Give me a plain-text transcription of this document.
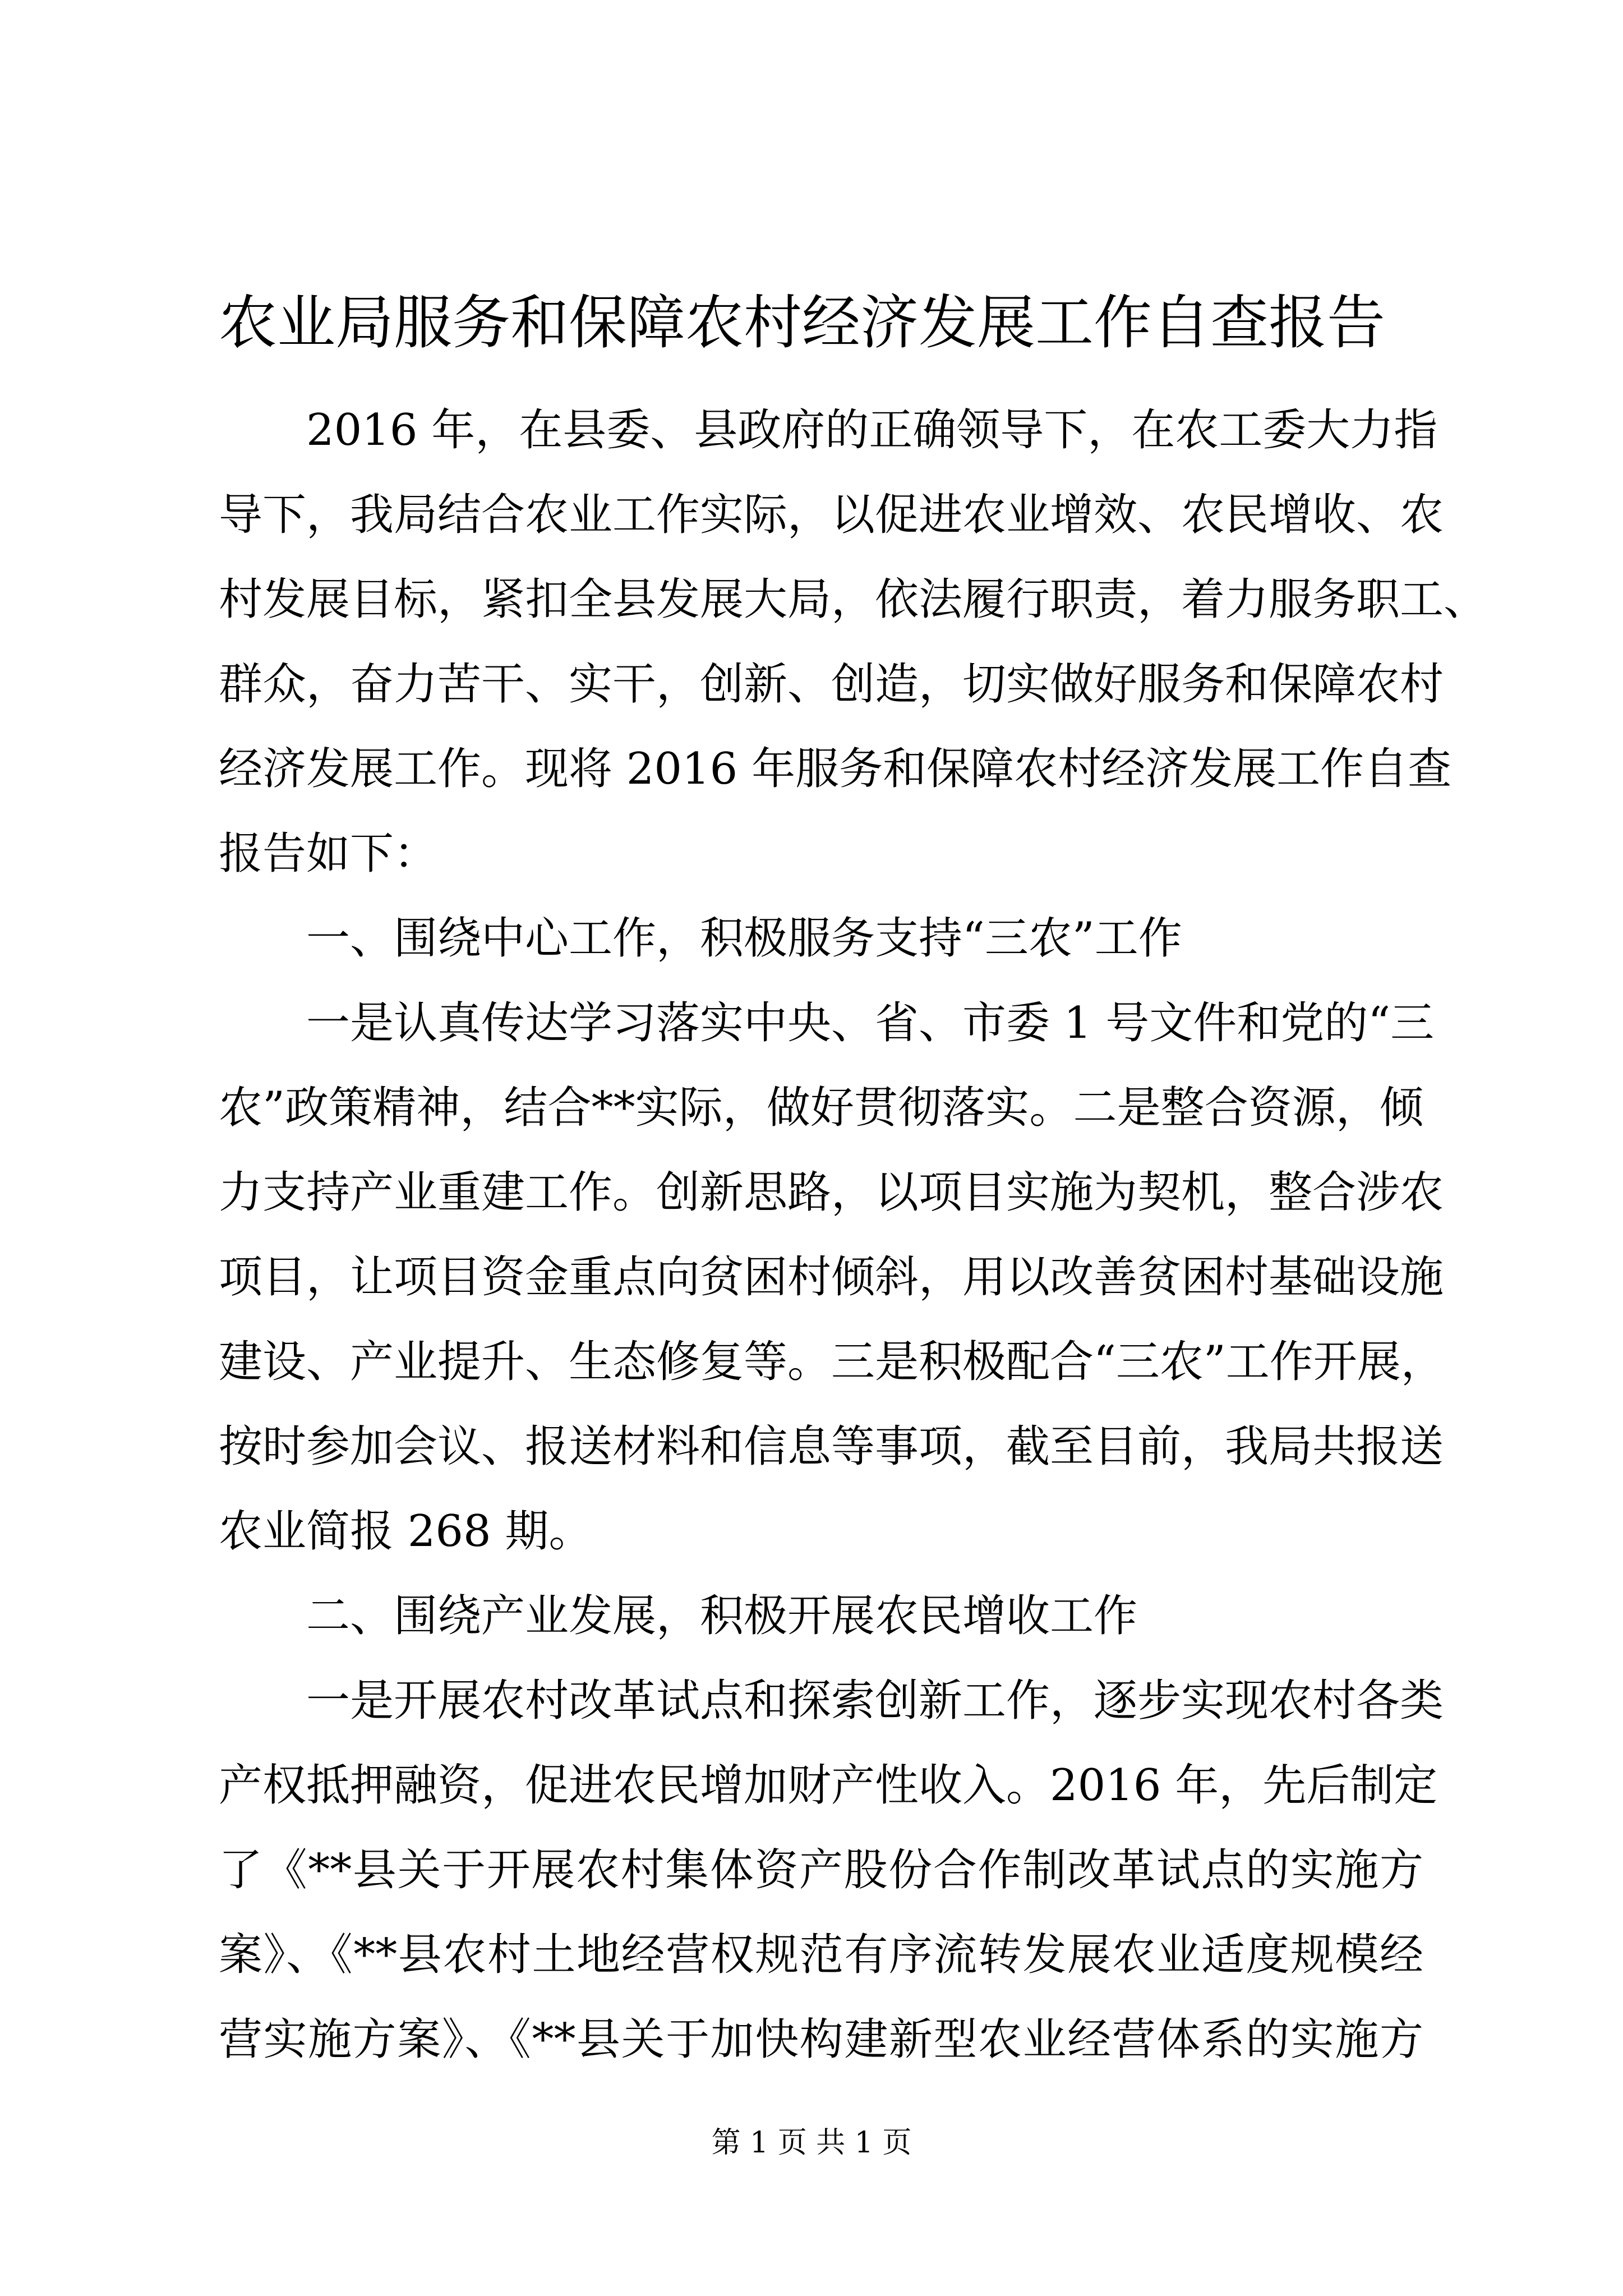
农业局服务和保障农村经济发展工作自查报告
2016 年，在县委、县政府的正确领导下，在农工委大力指
导下，我局结合农业工作实际，以促进农业增效、农民增收、农
村发展目标，紧扣全县发展大局，依法履行职责，着力服务职工、
群众，奋力苦干、实干，创新、创造，切实做好服务和保障农村
经济发展工作。现将 2016 年服务和保障农村经济发展工作自查
报告如下：
一、围绕中心工作，积极服务支持“三农”工作
一是认真传达学习落实中央、省、市委 1 号文件和党的“三
农”政策精神，结合**实际，做好贯彻落实。二是整合资源，倾
力支持产业重建工作。创新思路，以项目实施为契机，整合涉农
项目，让项目资金重点向贫困村倾斜，用以改善贫困村基础设施
建设、产业提升、生态修复等。三是积极配合“三农”工作开展，
按时参加会议、报送材料和信息等事项，截至目前，我局共报送
农业简报 268 期。
二、围绕产业发展，积极开展农民增收工作
一是开展农村改革试点和探索创新工作，逐步实现农村各类
产权抵押融资，促进农民增加财产性收入。2016 年，先后制定
了《**县关于开展农村集体资产股份合作制改革试点的实施方
案》、《**县农村土地经营权规范有序流转发展农业适度规模经
营实施方案》、《**县关于加快构建新型农业经营体系的实施方
第 1 页 共 1 页
